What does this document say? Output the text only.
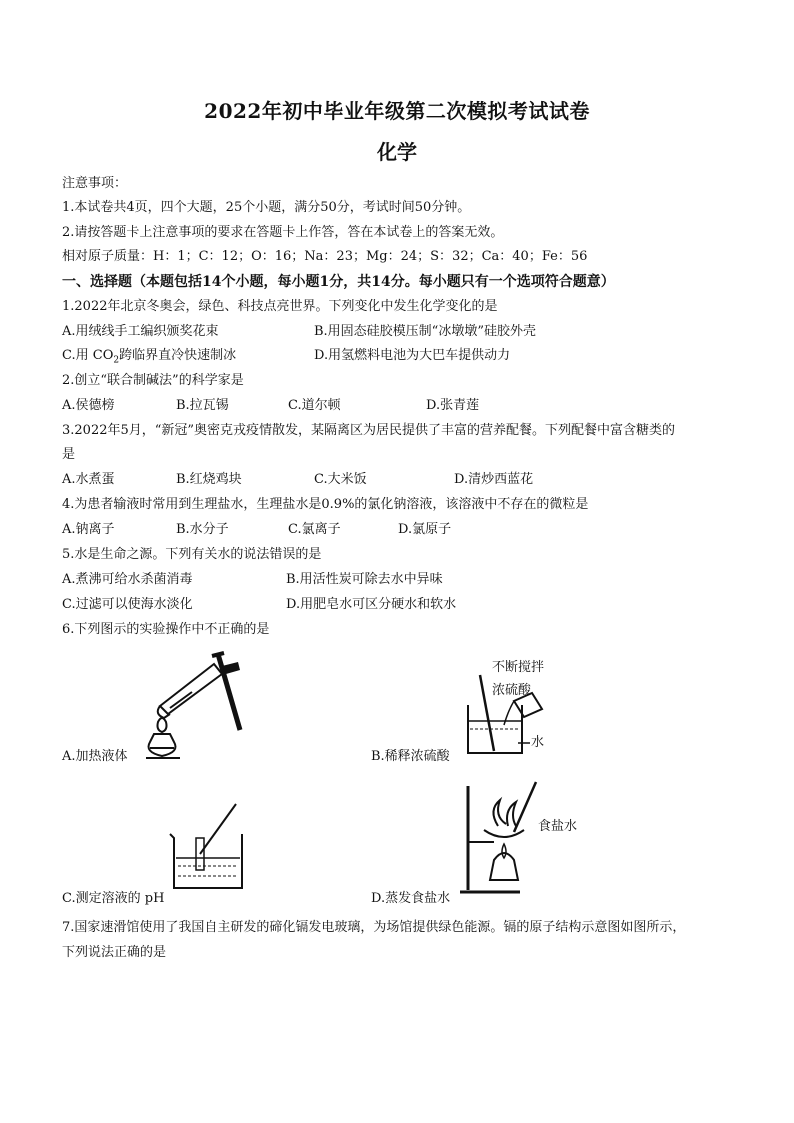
2022年初中毕业年级第二次模拟考试试卷
化学
注意事项：
1.本试卷共4页，四个大题，25个小题，满分50分，考试时间50分钟。
2.请按答题卡上注意事项的要求在答题卡上作答，答在本试卷上的答案无效。
相对原子质量：H：1；C：12；O：16；Na：23；Mg：24；S：32；Ca：40；Fe：56
一、选择题（本题包括14个小题，每小题1分，共14分。每小题只有一个选项符合题意）
1.2022年北京冬奥会，绿色、科技点亮世界。下列变化中发生化学变化的是
A.用绒线手工编织颁奖花束	B.用固态硅胶模压制“冰墩墩”硅胶外壳
C.用 $CO_2$跨临界直冷快速制冰	D.用氢燃料电池为大巴车提供动力
2.创立“联合制碱法”的科学家是
A.侯德榜	B.拉瓦锡	C.道尔顿	D.张青莲
3.2022年5月，“新冠”奥密克戎疫情散发，某隔离区为居民提供了丰富的营养配餐。下列配餐中富含糖类的
是
A.水煮蛋	B.红烧鸡块	C.大米饭	D.清炒西蓝花
4.为患者输液时常用到生理盐水，生理盐水是0.9%的氯化钠溶液，该溶液中不存在的微粒是
A.钠离子	B.水分子	C.氯离子	D.氯原子
5.水是生命之源。下列有关水的说法错误的是
A.煮沸可给水杀菌消毒	B.用活性炭可除去水中异味
C.过滤可以使海水淡化	D.用肥皂水可区分硬水和软水
6.下列图示的实验操作中不正确的是
A.加热液体
不断搅拌
浓硫酸
水
B.稀释浓硫酸
C.测定溶液的 pH
食盐水
D.蒸发食盐水
7.国家速滑馆使用了我国自主研发的碲化镉发电玻璃，为场馆提供绿色能源。镉的原子结构示意图如图所示，
下列说法正确的是
